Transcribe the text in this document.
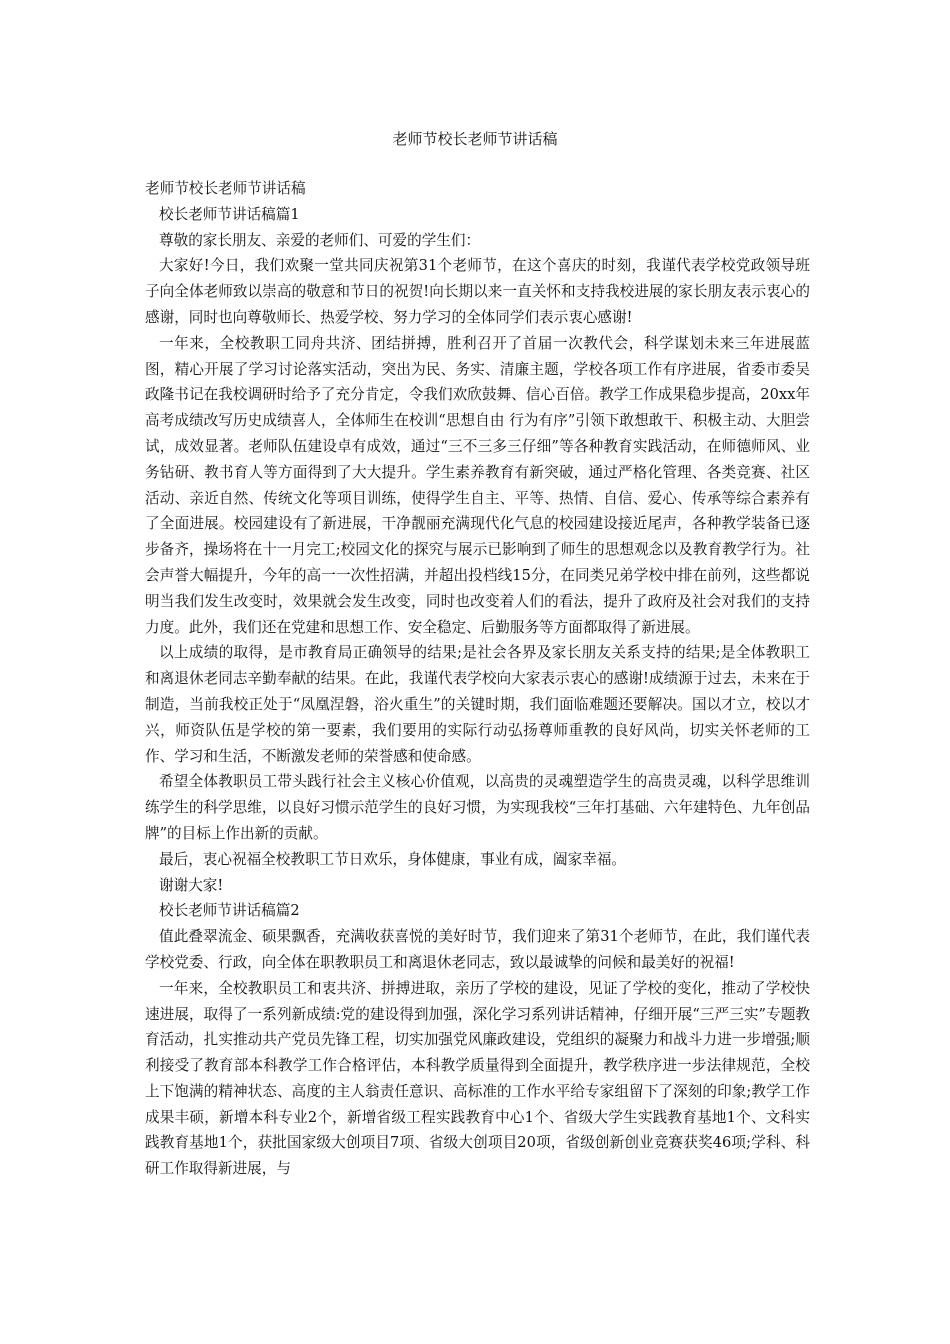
老师节校长老师节讲话稿

老师节校长老师节讲话稿

校长老师节讲话稿篇1

尊敬的家长朋友、亲爱的老师们、可爱的学生们：

大家好!今日，我们欢聚一堂共同庆祝第31个老师节，在这个喜庆的时刻，我谨代表学校党政领导班子向全体老师致以崇高的敬意和节日的祝贺!向长期以来一直关怀和支持我校进展的家长朋友表示衷心的感谢，同时也向尊敬师长、热爱学校、努力学习的全体同学们表示衷心感谢!

一年来，全校教职工同舟共济、团结拼搏，胜利召开了首届一次教代会，科学谋划未来三年进展蓝图，精心开展了学习讨论落实活动，突出为民、务实、清廉主题，学校各项工作有序进展，省委市委吴政隆书记在我校调研时给予了充分肯定，令我们欢欣鼓舞、信心百倍。教学工作成果稳步提高，20xx年高考成绩改写历史成绩喜人，全体师生在校训“思想自由 行为有序”引领下敢想敢干、积极主动、大胆尝试，成效显著。老师队伍建设卓有成效，通过“三不三多三仔细”等各种教育实践活动，在师德师风、业务钻研、教书育人等方面得到了大大提升。学生素养教育有新突破，通过严格化管理、各类竞赛、社区活动、亲近自然、传统文化等项目训练，使得学生自主、平等、热情、自信、爱心、传承等综合素养有了全面进展。校园建设有了新进展，干净靓丽充满现代化气息的校园建设接近尾声，各种教学装备已逐步备齐，操场将在十一月完工;校园文化的探究与展示已影响到了师生的思想观念以及教育教学行为。社会声誉大幅提升，今年的高一一次性招满，并超出投档线15分，在同类兄弟学校中排在前列，这些都说明当我们发生改变时，效果就会发生改变，同时也改变着人们的看法，提升了政府及社会对我们的支持力度。此外，我们还在党建和思想工作、安全稳定、后勤服务等方面都取得了新进展。

以上成绩的取得，是市教育局正确领导的结果;是社会各界及家长朋友关系支持的结果;是全体教职工和离退休老同志辛勤奉献的结果。在此，我谨代表学校向大家表示衷心的感谢!成绩源于过去，未来在于制造，当前我校正处于“凤凰涅磐，浴火重生”的关键时期，我们面临难题还要解决。国以才立，校以才兴，师资队伍是学校的第一要素，我们要用的实际行动弘扬尊师重教的良好风尚，切实关怀老师的工作、学习和生活，不断激发老师的荣誉感和使命感。

希望全体教职员工带头践行社会主义核心价值观，以高贵的灵魂塑造学生的高贵灵魂，以科学思维训练学生的科学思维，以良好习惯示范学生的良好习惯，为实现我校“三年打基础、六年建特色、九年创品牌”的目标上作出新的贡献。

最后，衷心祝福全校教职工节日欢乐，身体健康，事业有成，阖家幸福。

谢谢大家!

校长老师节讲话稿篇2

值此叠翠流金、硕果飘香，充满收获喜悦的美好时节，我们迎来了第31个老师节，在此，我们谨代表学校党委、行政，向全体在职教职员工和离退休老同志，致以最诚挚的问候和最美好的祝福!

一年来，全校教职员工和衷共济、拼搏进取，亲历了学校的建设，见证了学校的变化，推动了学校快速进展，取得了一系列新成绩:党的建设得到加强，深化学习系列讲话精神，仔细开展“三严三实”专题教育活动，扎实推动共产党员先锋工程，切实加强党风廉政建设，党组织的凝聚力和战斗力进一步增强;顺利接受了教育部本科教学工作合格评估，本科教学质量得到全面提升，教学秩序进一步法律规范，全校上下饱满的精神状态、高度的主人翁责任意识、高标准的工作水平给专家组留下了深刻的印象;教学工作成果丰硕，新增本科专业2个，新增省级工程实践教育中心1个、省级大学生实践教育基地1个、文科实践教育基地1个，获批国家级大创项目7项、省级大创项目20项，省级创新创业竞赛获奖46项;学科、科研工作取得新进展，与
